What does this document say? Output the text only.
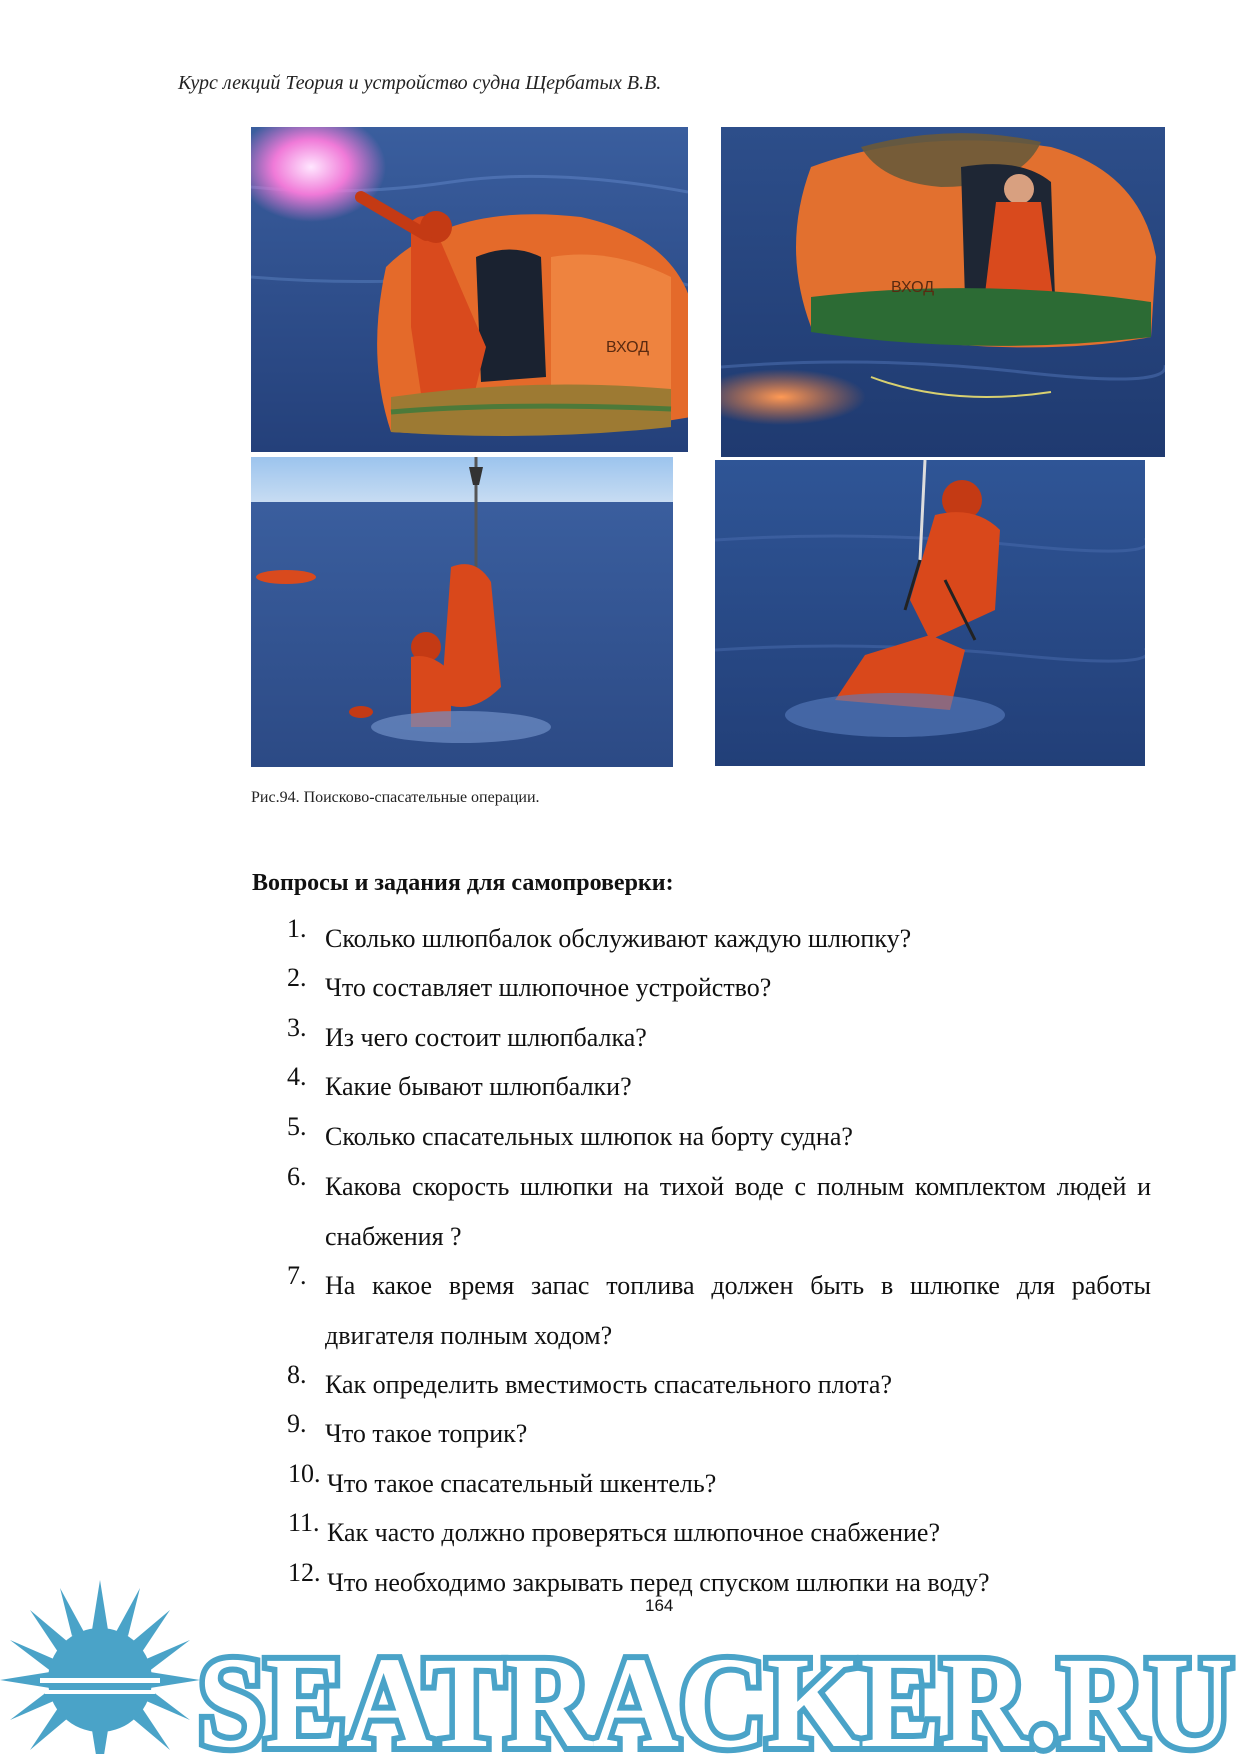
Курс лекций Теория и устройство судна Щербатых В.В.
ВХОД
ВХОД
Рис.94. Поисково-спасательные операции.
Вопросы и задания для самопроверки:
1. Сколько шлюпбалок обслуживают каждую шлюпку?
2. Что составляет шлюпочное устройство?
3. Из чего состоит шлюпбалка?
4. Какие бывают шлюпбалки?
5. Сколько спасательных шлюпок на борту судна?
6. Какова скорость шлюпки на тихой воде с полным комплектом людей и снабжения ?
7. На какое время запас топлива должен быть в шлюпке для работы двигателя полным ходом?
8. Как определить вместимость спасательного плота?
9. Что такое топрик?
10. Что такое спасательный шкентель?
11. Как часто должно проверяться шлюпочное снабжение?
12. Что необходимо закрывать перед спуском шлюпки на воду?
SEATRACKER.RU
164
